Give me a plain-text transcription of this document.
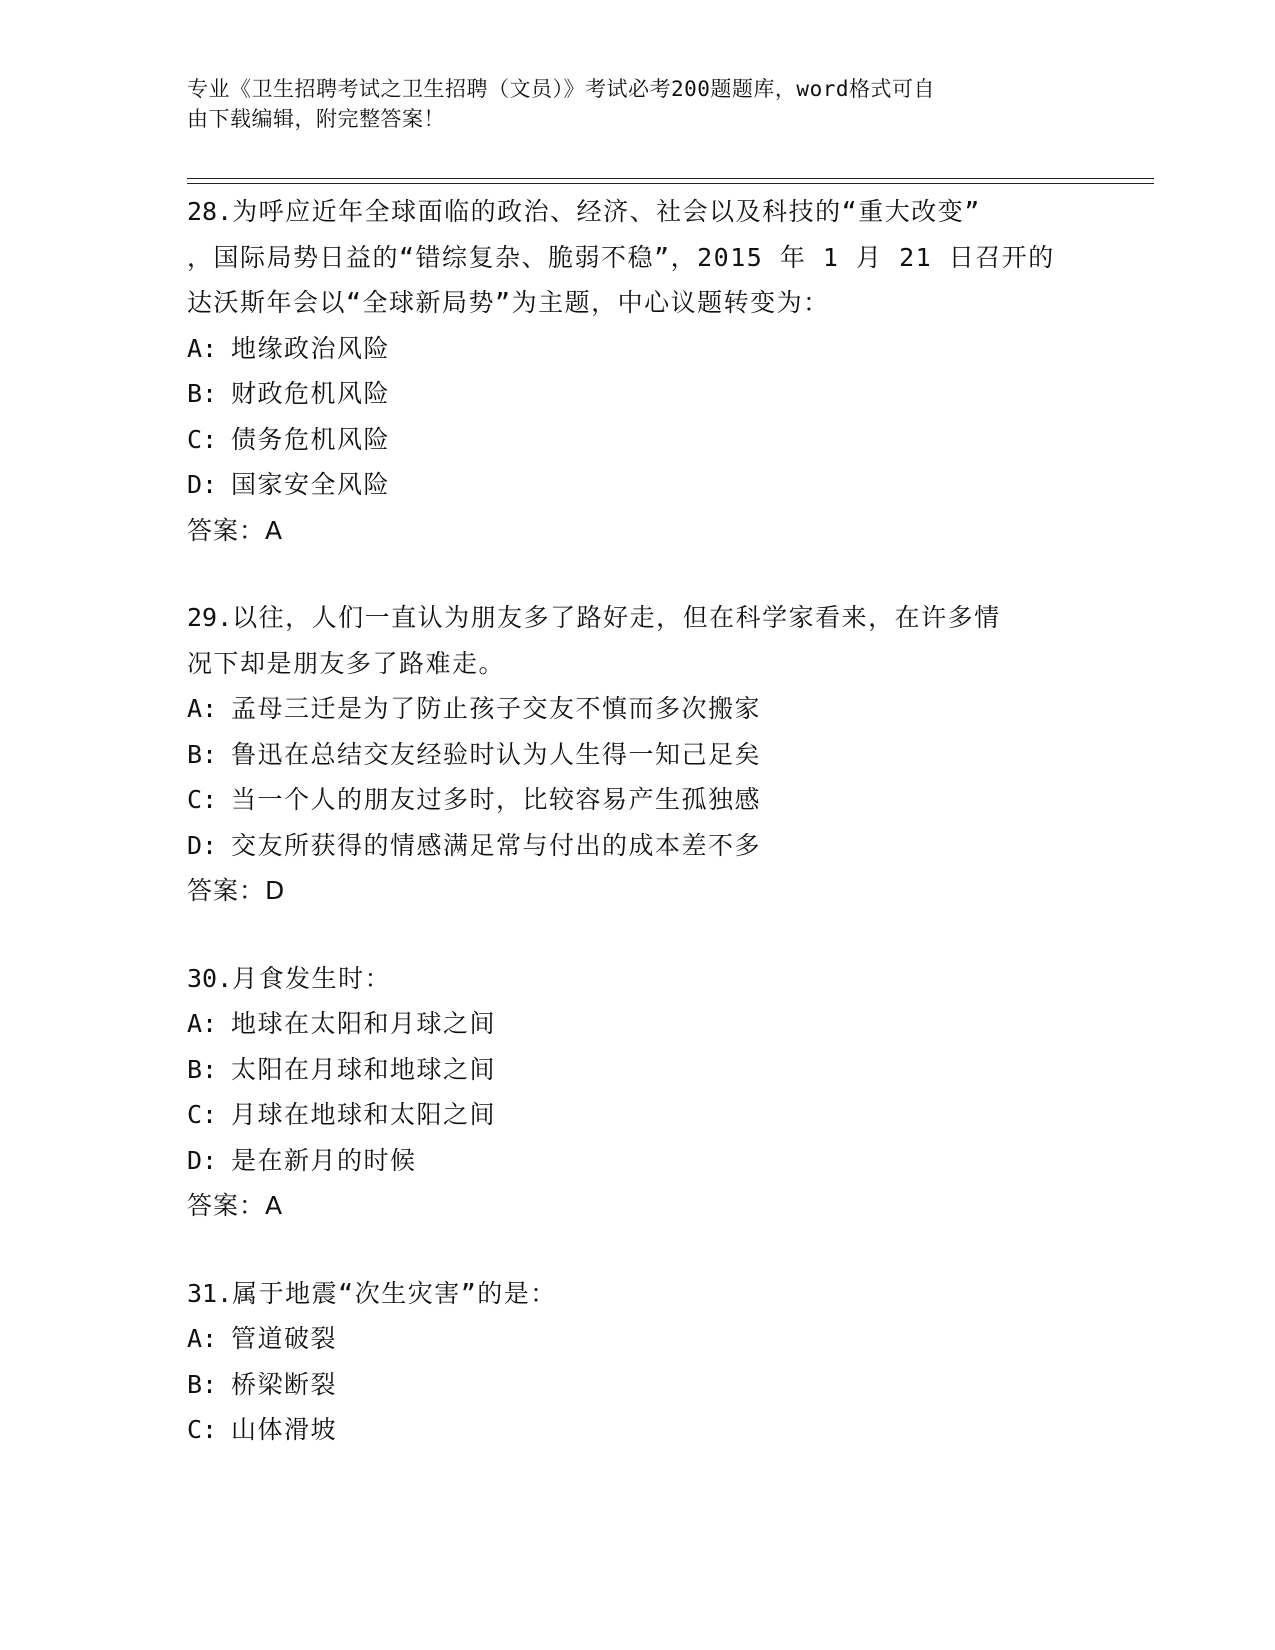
专业《卫生招聘考试之卫生招聘（文员）》考试必考200题题库，word格式可自
由下载编辑，附完整答案！
28.为呼应近年全球面临的政治、经济、社会以及科技的“重大改变”
，国际局势日益的“错综复杂、脆弱不稳”，2015 年 1 月 21 日召开的
达沃斯年会以“全球新局势”为主题，中心议题转变为：
A: 地缘政治风险
B: 财政危机风险
C: 债务危机风险
D: 国家安全风险
答案：A
29.以往，人们一直认为朋友多了路好走，但在科学家看来，在许多情
况下却是朋友多了路难走。
A: 孟母三迁是为了防止孩子交友不慎而多次搬家
B: 鲁迅在总结交友经验时认为人生得一知己足矣
C: 当一个人的朋友过多时，比较容易产生孤独感
D: 交友所获得的情感满足常与付出的成本差不多
答案：D
30.月食发生时：
A: 地球在太阳和月球之间
B: 太阳在月球和地球之间
C: 月球在地球和太阳之间
D: 是在新月的时候
答案：A
31.属于地震“次生灾害”的是：
A: 管道破裂
B: 桥梁断裂
C: 山体滑坡
